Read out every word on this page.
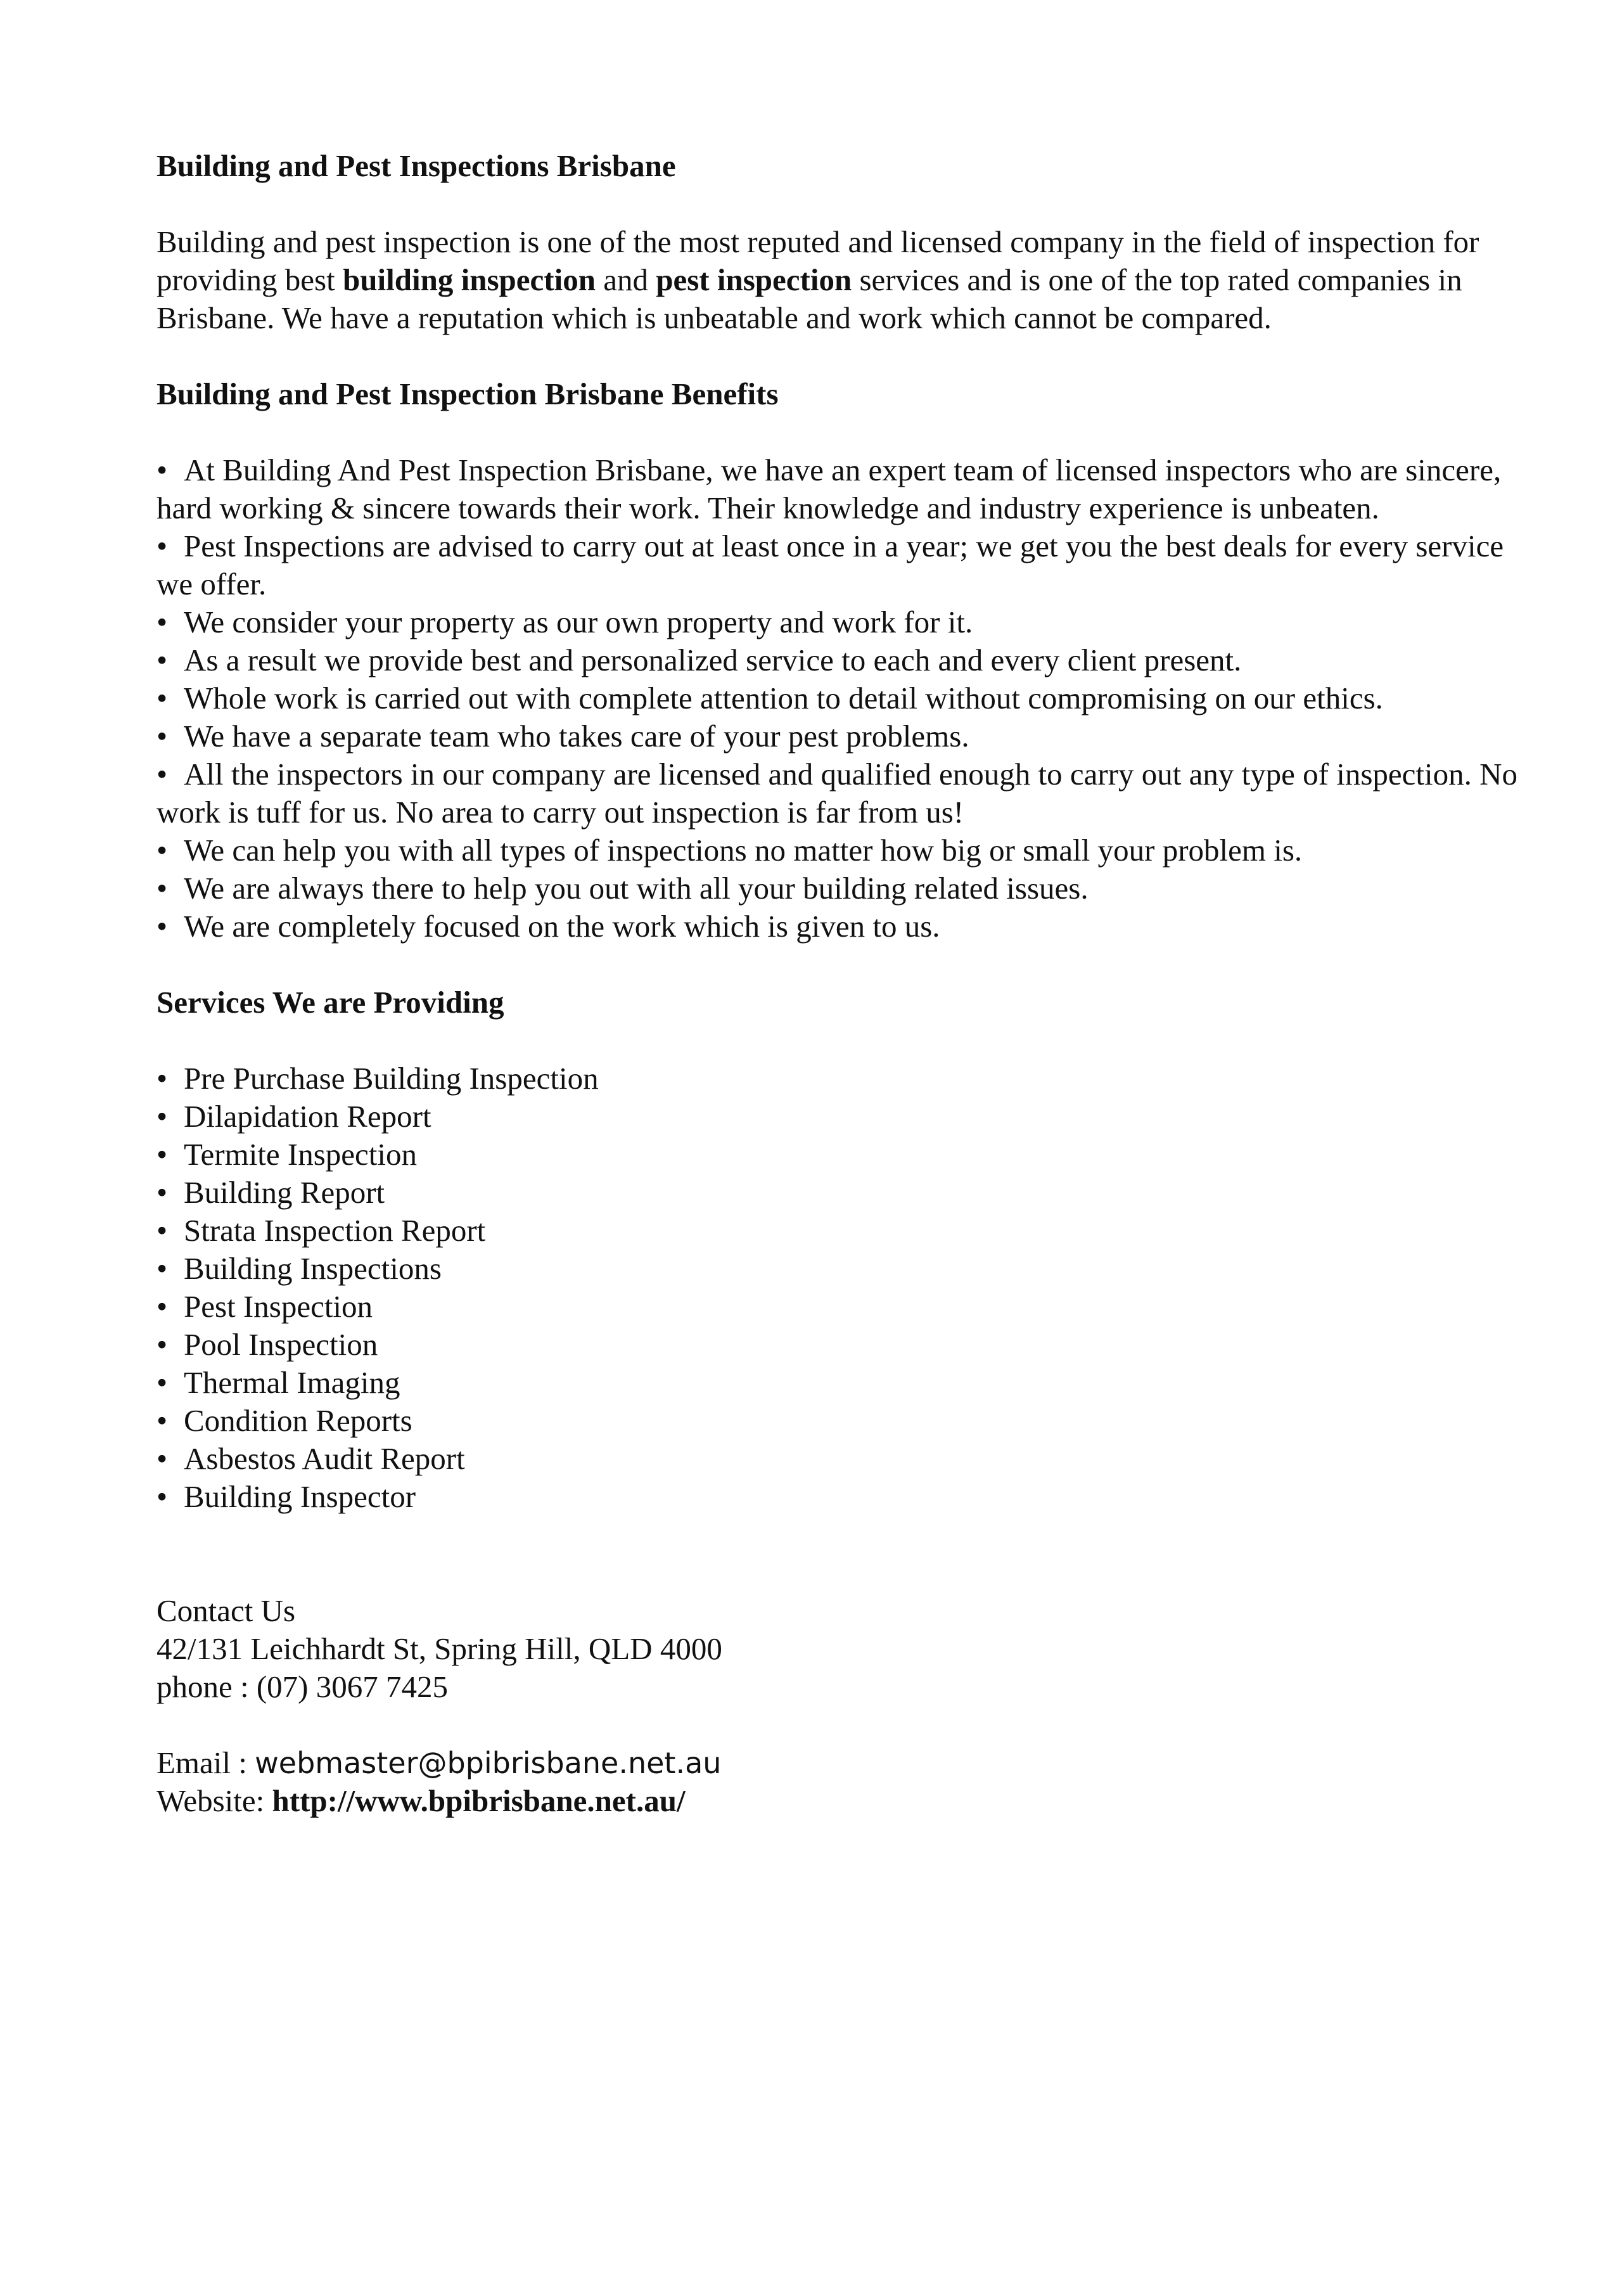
Building and Pest Inspections Brisbane

Building and pest inspection is one of the most reputed and licensed company in the field of inspection for providing best building inspection and pest inspection services and is one of the top rated companies in Brisbane. We have a reputation which is unbeatable and work which cannot be compared.

Building and Pest Inspection Brisbane Benefits

• At Building And Pest Inspection Brisbane, we have an expert team of licensed inspectors who are sincere, hard working & sincere towards their work. Their knowledge and industry experience is unbeaten.
• Pest Inspections are advised to carry out at least once in a year; we get you the best deals for every service we offer.
• We consider your property as our own property and work for it.
• As a result we provide best and personalized service to each and every client present.
• Whole work is carried out with complete attention to detail without compromising on our ethics.
• We have a separate team who takes care of your pest problems.
• All the inspectors in our company are licensed and qualified enough to carry out any type of inspection. No work is tuff for us. No area to carry out inspection is far from us!
• We can help you with all types of inspections no matter how big or small your problem is.
• We are always there to help you out with all your building related issues.
• We are completely focused on the work which is given to us.

Services We are Providing

• Pre Purchase Building Inspection
• Dilapidation Report
• Termite Inspection
• Building Report
• Strata Inspection Report
• Building Inspections
• Pest Inspection
• Pool Inspection
• Thermal Imaging
• Condition Reports
• Asbestos Audit Report
• Building Inspector

Contact Us

42/131 Leichhardt St, Spring Hill, QLD 4000

phone : (07) 3067 7425

Email : webmaster@bpibrisbane.net.au

Website: http://www.bpibrisbane.net.au/
